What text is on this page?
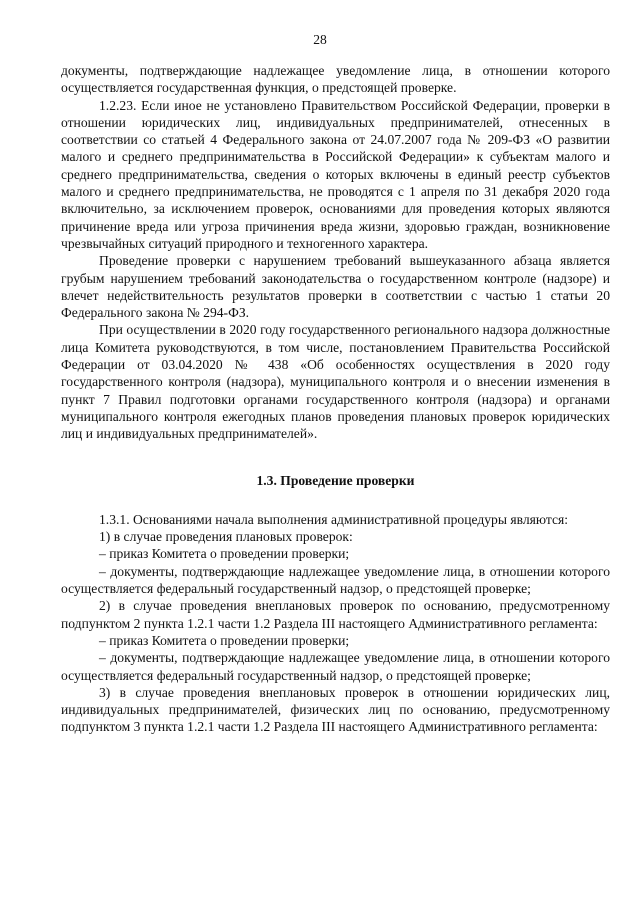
28

документы, подтверждающие надлежащее уведомление лица, в отношении которого осуществляется государственная функция, о предстоящей проверке.

1.2.23. Если иное не установлено Правительством Российской Федерации, проверки в отношении юридических лиц, индивидуальных предпринимателей, отнесенных в соответствии со статьей 4 Федерального закона от 24.07.2007 года № 209-ФЗ «О развитии малого и среднего предпринимательства в Российской Федерации» к субъектам малого и среднего предпринимательства, сведения о которых включены в единый реестр субъектов малого и среднего предпринимательства, не проводятся с 1 апреля по 31 декабря 2020 года включительно, за исключением проверок, основаниями для проведения которых являются причинение вреда или угроза причинения вреда жизни, здоровью граждан, возникновение чрезвычайных ситуаций природного и техногенного характера.

Проведение проверки с нарушением требований вышеуказанного абзаца является грубым нарушением требований законодательства о государственном контроле (надзоре) и влечет недействительность результатов проверки в соответствии с частью 1 статьи 20 Федерального закона № 294-ФЗ.

При осуществлении в 2020 году государственного регионального надзора должностные лица Комитета руководствуются, в том числе, постановлением Правительства Российской Федерации от 03.04.2020 № 438 «Об особенностях осуществления в 2020 году государственного контроля (надзора), муниципального контроля и о внесении изменения в пункт 7 Правил подготовки органами государственного контроля (надзора) и органами муниципального контроля ежегодных планов проведения плановых проверок юридических лиц и индивидуальных предпринимателей».

1.3. Проведение проверки

1.3.1. Основаниями начала выполнения административной процедуры являются:

1) в случае проведения плановых проверок:

– приказ Комитета о проведении проверки;

– документы, подтверждающие надлежащее уведомление лица, в отношении которого осуществляется федеральный государственный надзор, о предстоящей проверке;

2) в случае проведения внеплановых проверок по основанию, предусмотренному подпунктом 2 пункта 1.2.1 части 1.2 Раздела III настоящего Административного регламента:

– приказ Комитета о проведении проверки;

– документы, подтверждающие надлежащее уведомление лица, в отношении которого осуществляется федеральный государственный надзор, о предстоящей проверке;

3) в случае проведения внеплановых проверок в отношении юридических лиц, индивидуальных предпринимателей, физических лиц по основанию, предусмотренному подпунктом 3 пункта 1.2.1 части 1.2 Раздела III настоящего Административного регламента:
